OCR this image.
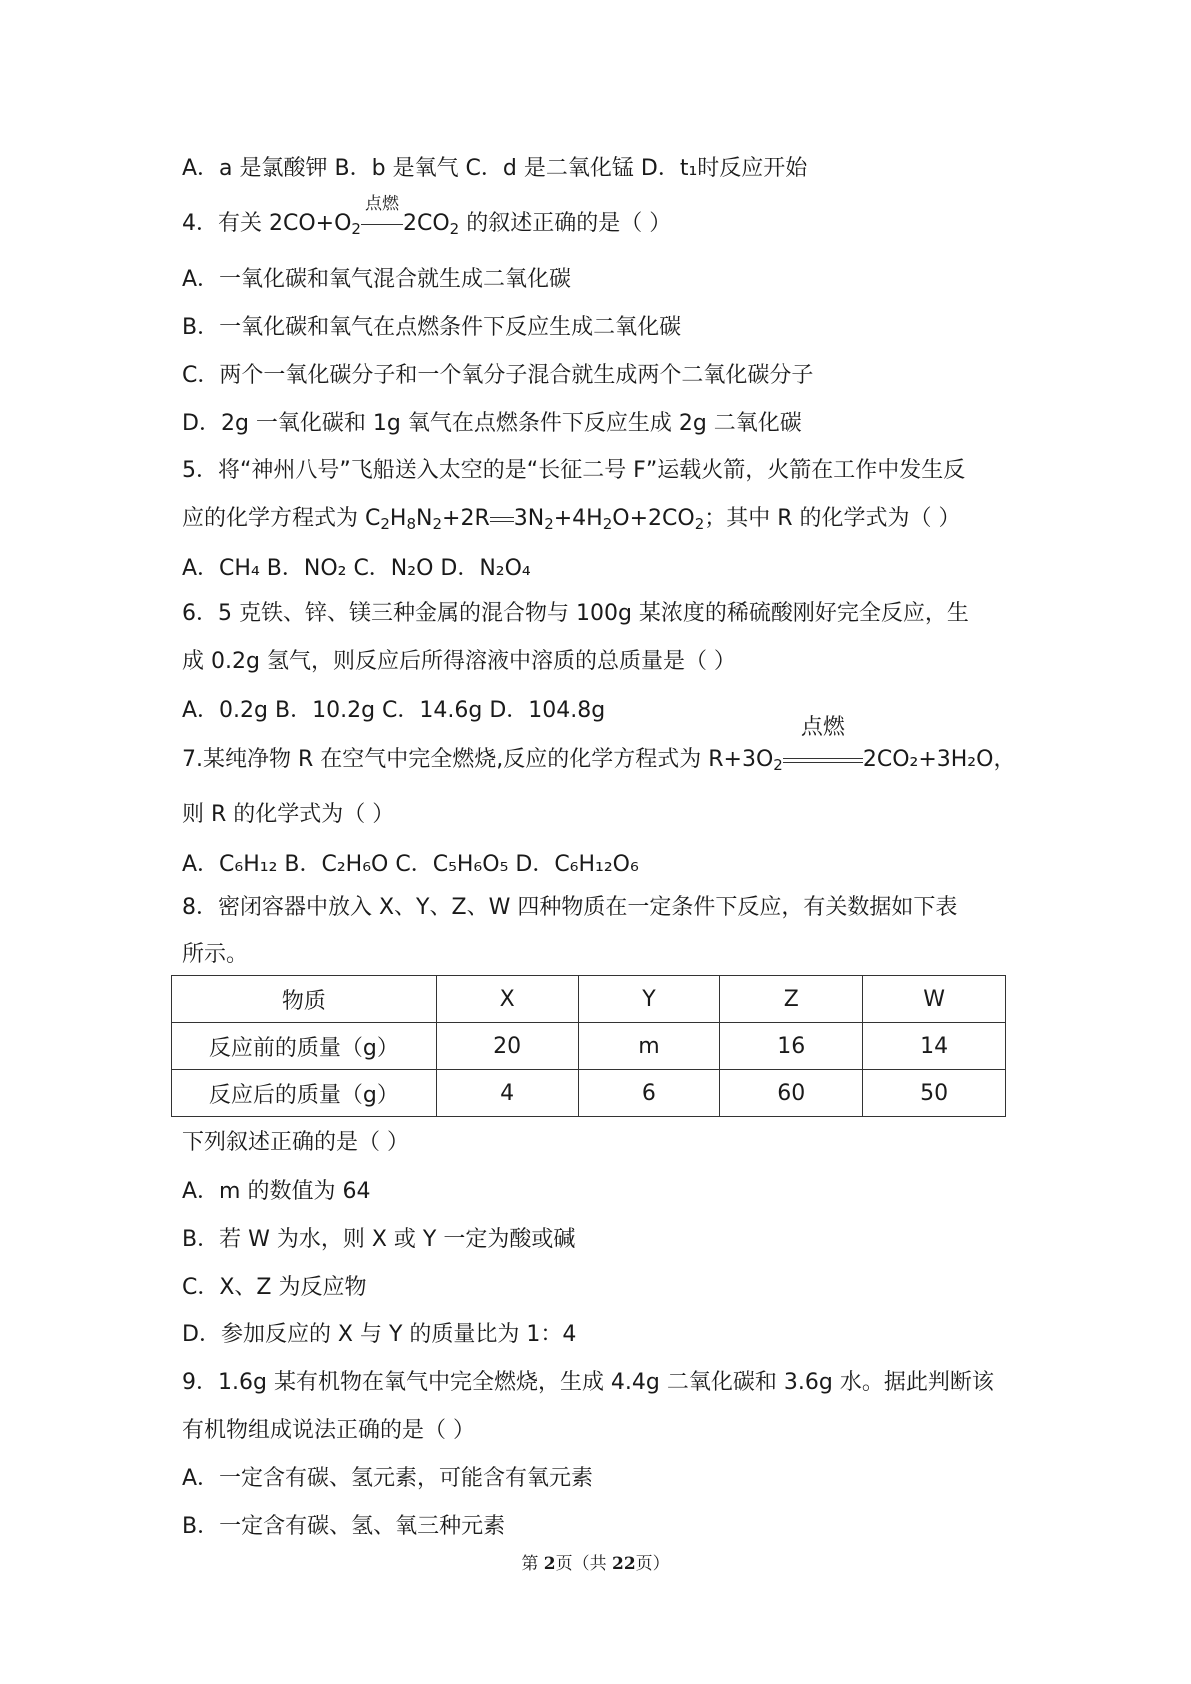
A．a 是氯酸钾 B．b 是氧气 C．d 是二氧化锰 D．t₁时反应开始
4．有关 $2CO+O_2$
点燃
$2CO_2$ 的叙述正确的是（ ）
A．一氧化碳和氧气混合就生成二氧化碳
B．一氧化碳和氧气在点燃条件下反应生成二氧化碳
C．两个一氧化碳分子和一个氧分子混合就生成两个二氧化碳分子
D．2g 一氧化碳和 1g 氧气在点燃条件下反应生成 2g 二氧化碳
5．将“神州八号”飞船送入太空的是“长征二号 F”运载火箭，火箭在工作中发生反
应的化学方程式为 $C_2H_8N_2+2R$ $3N_2+4H_2O+2CO_2$；其中 R 的化学式为（ ）
A．CH₄ B．NO₂ C．N₂O D．N₂O₄
6．5 克铁、锌、镁三种金属的混合物与 100g 某浓度的稀硫酸刚好完全反应，生
成 0.2g 氢气，则反应后所得溶液中溶质的总质量是（ ）
A．0.2g B．10.2g C．14.6g D．104.8g
7.某纯净物 R 在空气中完全燃烧,反应的化学方程式为 $R+3O_2$
点燃
2CO₂+3H₂O，
则 R 的化学式为（ ）
A．C₆H₁₂ B．C₂H₆O C．C₅H₆O₅ D．C₆H₁₂O₆
8．密闭容器中放入 X、Y、Z、W 四种物质在一定条件下反应，有关数据如下表
所示。
物质	X	Y	Z	W
反应前的质量（g）	20	m	16	14
反应后的质量（g）	4	6	60	50
下列叙述正确的是（ ）
A．m 的数值为 64
B．若 W 为水，则 X 或 Y 一定为酸或碱
C．X、Z 为反应物
D．参加反应的 X 与 Y 的质量比为 1：4
9．1.6g 某有机物在氧气中完全燃烧，生成 4.4g 二氧化碳和 3.6g 水。据此判断该
有机物组成说法正确的是（ ）
A．一定含有碳、氢元素，可能含有氧元素
B．一定含有碳、氢、氧三种元素
第 2页（共 22页）
